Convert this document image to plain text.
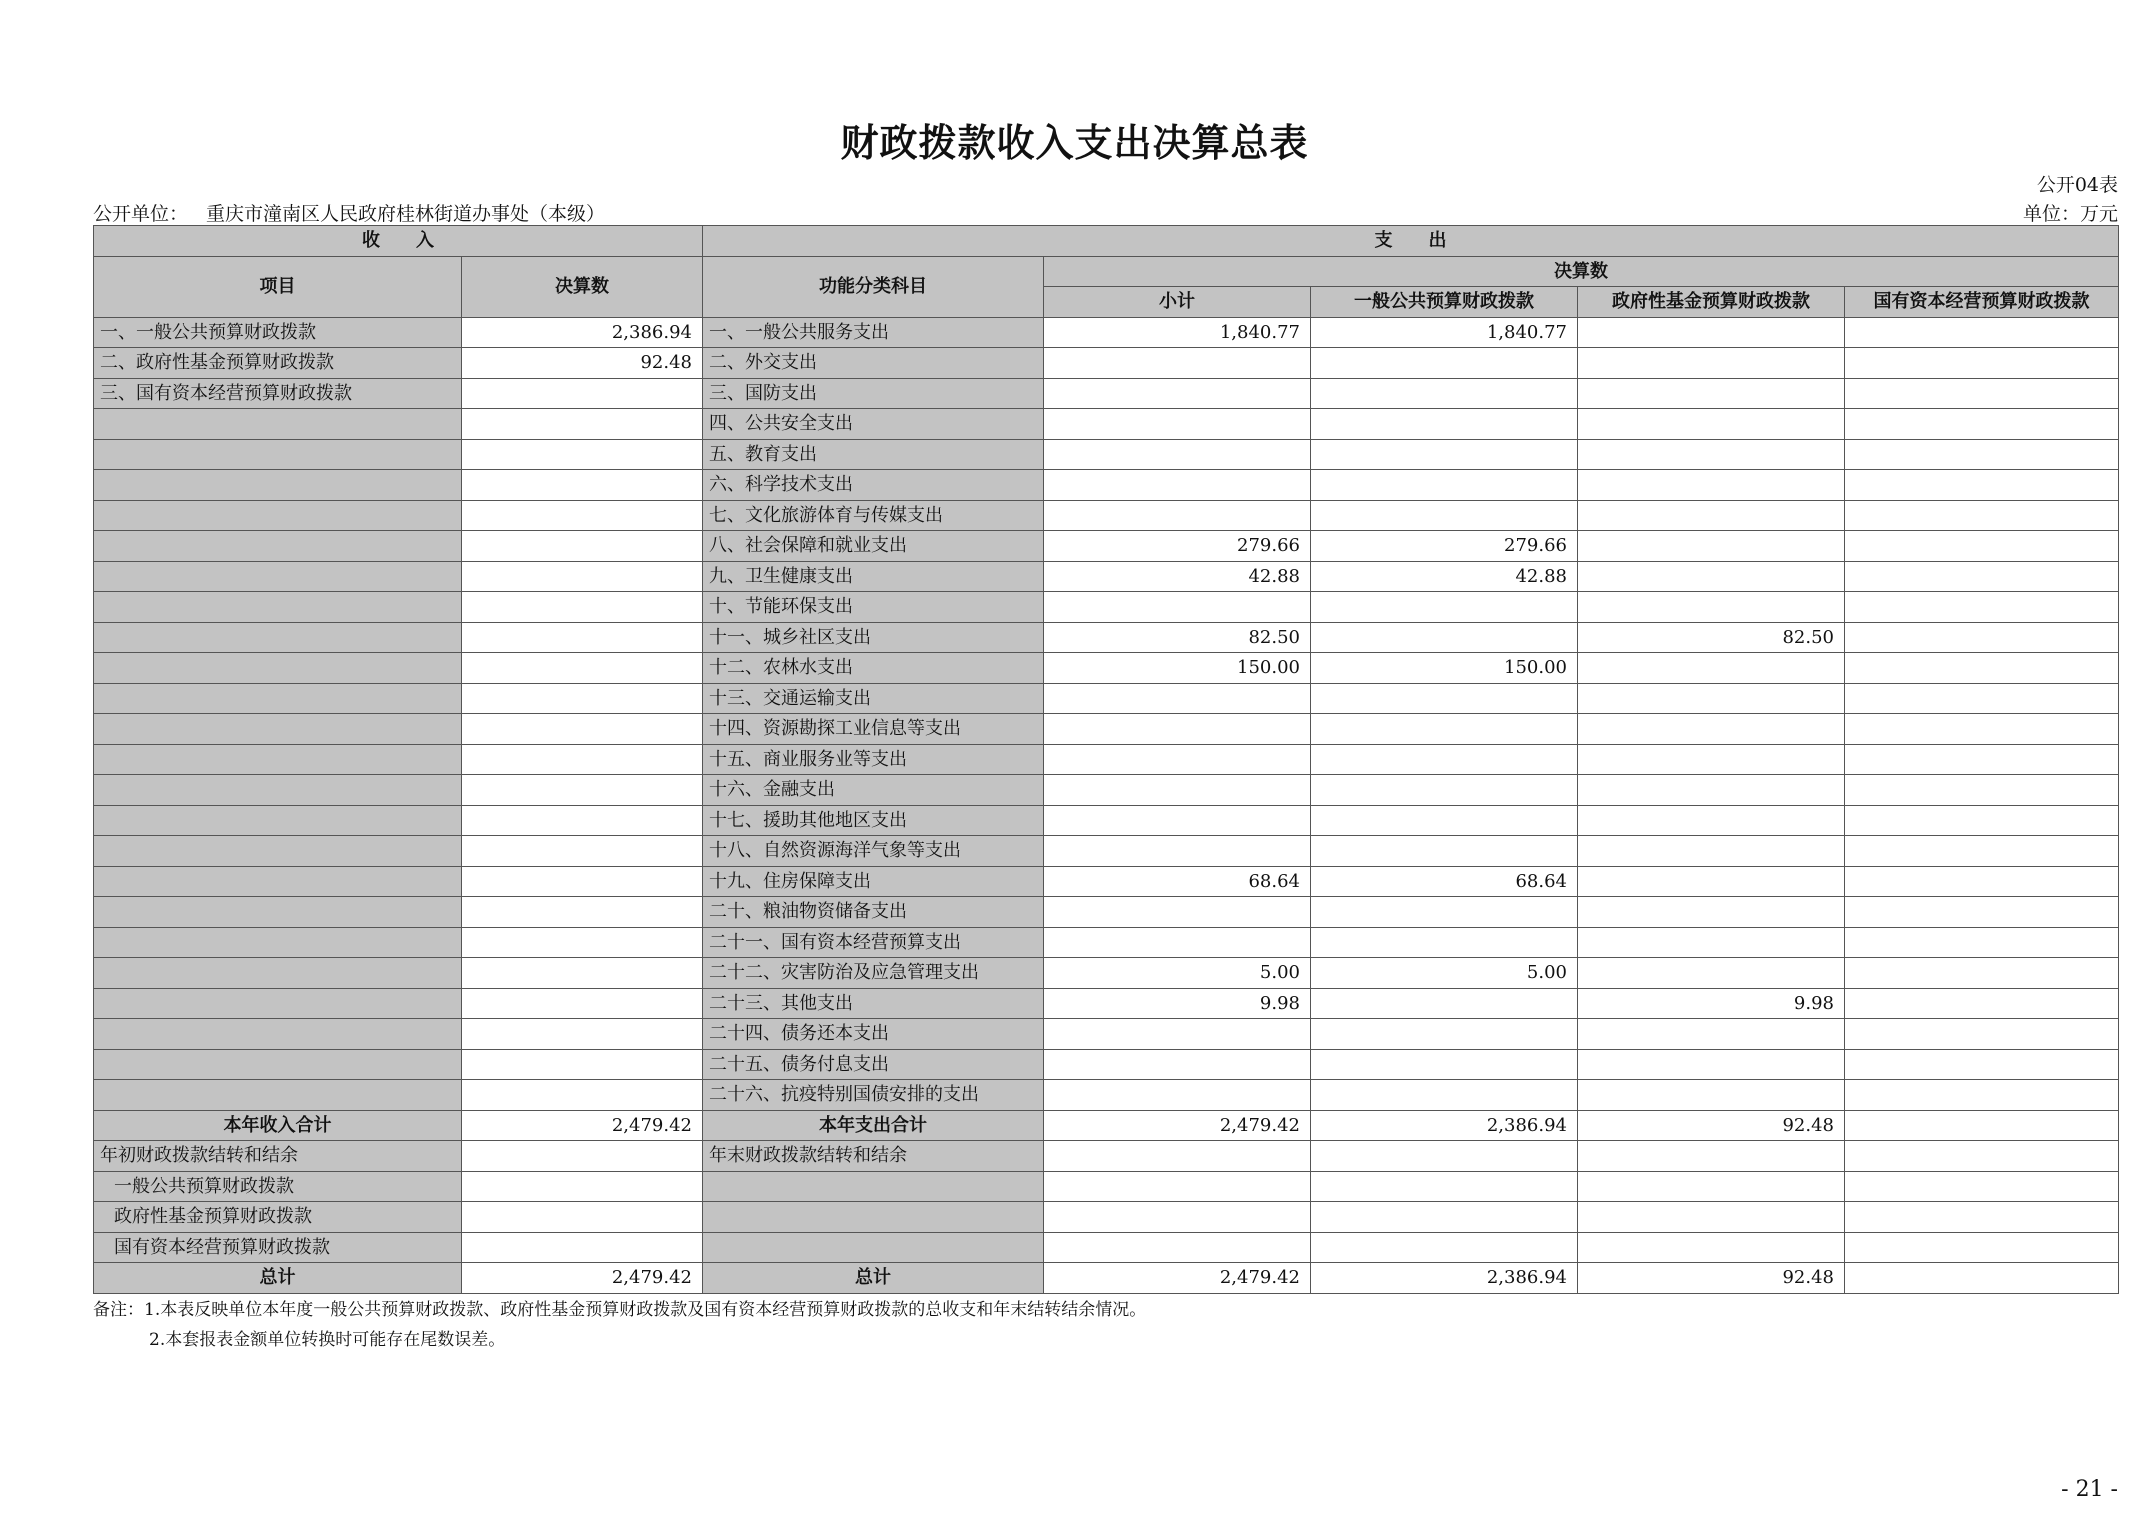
财政拨款收入支出决算总表
公开04表
公开单位： 重庆市潼南区人民政府桂林街道办事处（本级）	单位：万元
收　　入		支　　出				
项目	决算数	功能分类科目	决算数			
			小计	一般公共预算财政拨款	政府性基金预算财政拨款	国有资本经营预算财政拨款
一、一般公共预算财政拨款	2,386.94	一、一般公共服务支出	1,840.77	1,840.77		
二、政府性基金预算财政拨款	92.48	二、外交支出				
三、国有资本经营预算财政拨款		三、国防支出				
		四、公共安全支出				
		五、教育支出				
		六、科学技术支出				
		七、文化旅游体育与传媒支出				
		八、社会保障和就业支出	279.66	279.66		
		九、卫生健康支出	42.88	42.88		
		十、节能环保支出				
		十一、城乡社区支出	82.50		82.50	
		十二、农林水支出	150.00	150.00		
		十三、交通运输支出				
		十四、资源勘探工业信息等支出				
		十五、商业服务业等支出				
		十六、金融支出				
		十七、援助其他地区支出				
		十八、自然资源海洋气象等支出				
		十九、住房保障支出	68.64	68.64		
		二十、粮油物资储备支出				
		二十一、国有资本经营预算支出				
		二十二、灾害防治及应急管理支出	5.00	5.00		
		二十三、其他支出	9.98		9.98	
		二十四、债务还本支出				
		二十五、债务付息支出				
		二十六、抗疫特别国债安排的支出				
本年收入合计	2,479.42	本年支出合计	2,479.42	2,386.94	92.48	
年初财政拨款结转和结余		年末财政拨款结转和结余				
一般公共预算财政拨款						
政府性基金预算财政拨款						
国有资本经营预算财政拨款						
总计	2,479.42	总计	2,479.42	2,386.94	92.48	
备注：1.本表反映单位本年度一般公共预算财政拨款、政府性基金预算财政拨款及国有资本经营预算财政拨款的总收支和年末结转结余情况。
2.本套报表金额单位转换时可能存在尾数误差。
- 21 -
